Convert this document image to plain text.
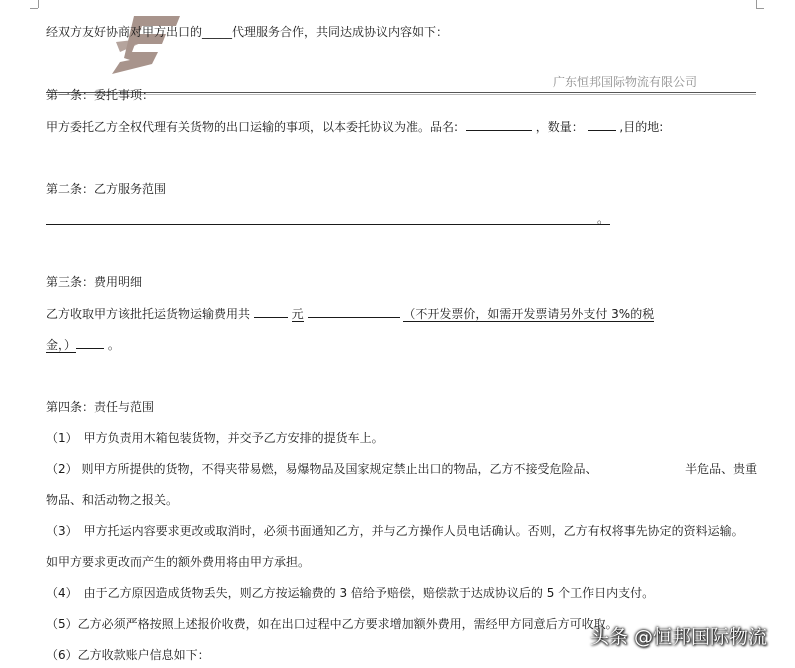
经双方友好协商对甲方出口的_____代理服务合作，共同达成协议内容如下：
广东恒邦国际物流有限公司
第一条：委托事项：
甲方委托乙方全权代理有关货物的出口运输的事项，以本委托协议为准。品名:	，数量：	,目的地:
第二条：乙方服务范围
。
第三条：费用明细
乙方收取甲方该批托运货物运输费用共	元	（不开发票价，如需开发票请另外支付 3%的税
金，）	。
第四条：责任与范围
（1）　甲方负责用木箱包装货物，并交予乙方安排的提货车上。
（2） 则甲方所提供的货物，不得夹带易燃，易爆物品及国家规定禁止出口的物品，乙方不接受危险品、	半危品、贵重
物品、和活动物之报关。
（3）　甲方托运内容要求更改或取消时，必须书面通知乙方，并与乙方操作人员电话确认。否则，乙方有权将事先协定的资料运输。
如甲方要求更改而产生的额外费用将由甲方承担。
（4）　由于乙方原因造成货物丢失，则乙方按运输费的 3 倍给予赔偿，赔偿款于达成协议后的 5 个工作日内支付。
（5）乙方必须严格按照上述报价收费，如在出口过程中乙方要求增加额外费用，需经甲方同意后方可收取。
（6）乙方收款账户信息如下：
头条 @恒邦国际物流
